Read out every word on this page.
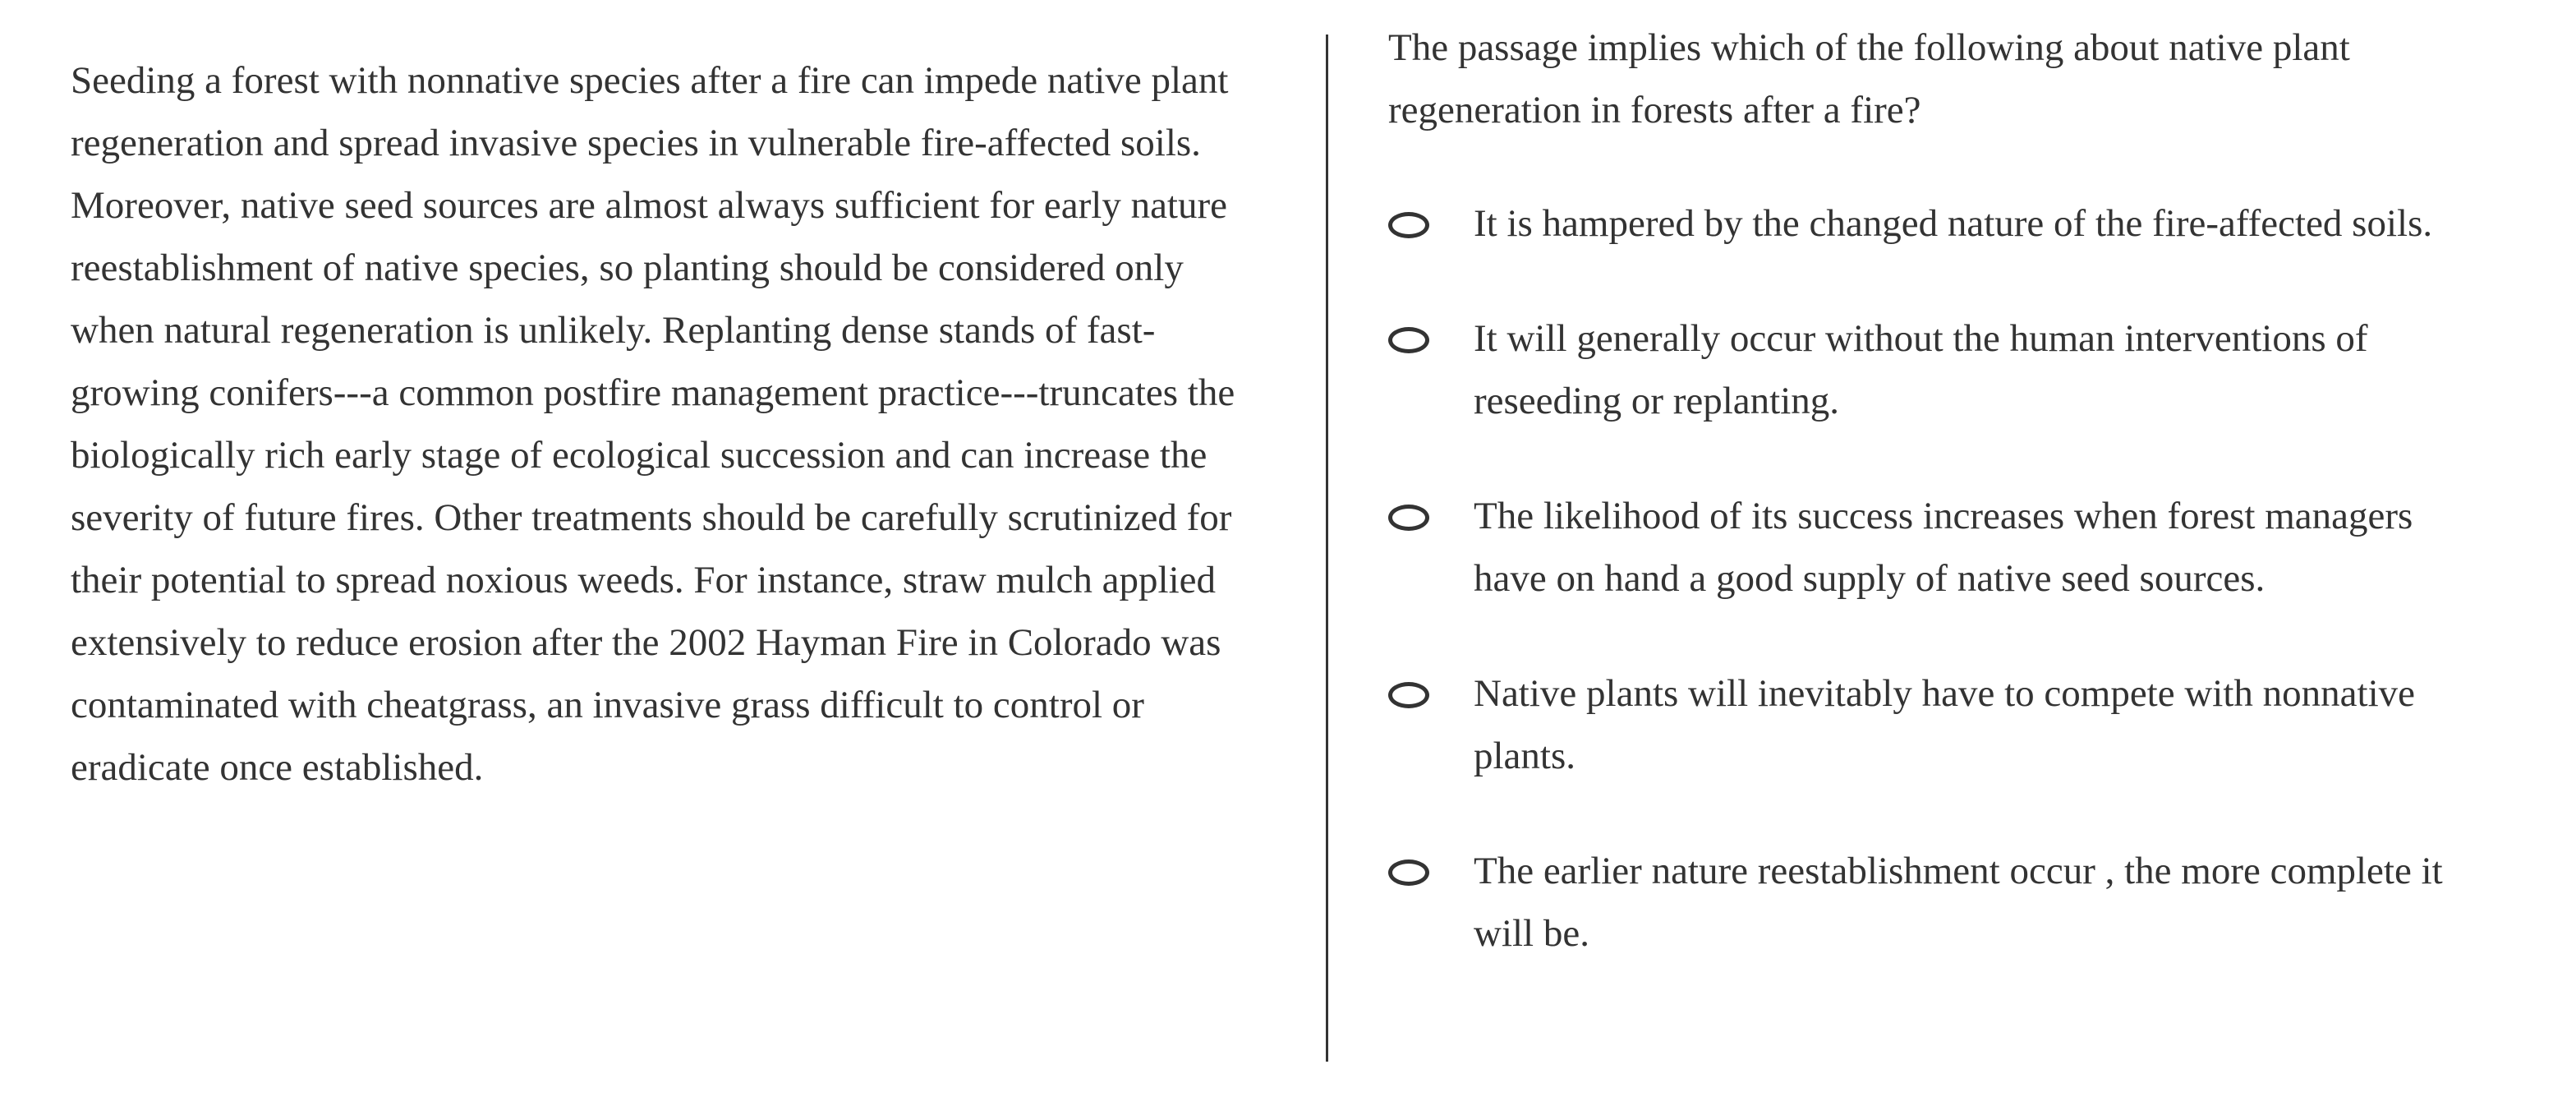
Seeding a forest with nonnative species after a fire can impede native plant regeneration and spread invasive species in vulnerable fire-affected soils. Moreover, native seed sources are almost always sufficient for early nature reestablishment of native species, so planting should be considered only when natural regeneration is unlikely. Replanting dense stands of fast-growing conifers---a common postfire management practice---truncates the biologically rich early stage of ecological succession and can increase the severity of future fires. Other treatments should be carefully scrutinized for their potential to spread noxious weeds. For instance, straw mulch applied extensively to reduce erosion after the 2002 Hayman Fire in Colorado was contaminated with cheatgrass, an invasive grass difficult to control or eradicate once established.

The passage implies which of the following about native plant regeneration in forests after a fire?

It is hampered by the changed nature of the fire-affected soils.
It will generally occur without the human interventions of reseeding or replanting.
The likelihood of its success increases when forest managers have on hand a good supply of native seed sources.
Native plants will inevitably have to compete with nonnative plants.
The earlier nature reestablishment occur , the more complete it will be.
